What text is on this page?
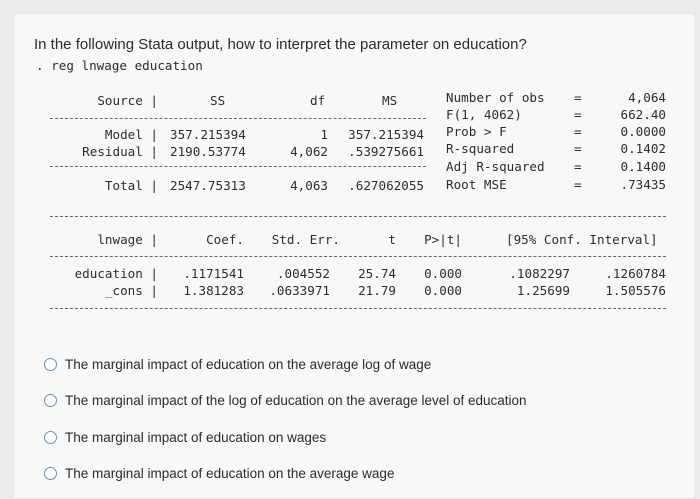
In the following Stata output, how to interpret the parameter on education?
. reg lnwage education
Source |	SS	df	MS
Model | 357.215394	1	357.215394
Residual | 2190.53774	4,062	.539275661
Total | 2547.75313	4,063	.627062055
Number of obs =	4,064
F(1, 4062)	=	662.40
Prob > F	=	0.0000
R-squared	=	0.1402
Adj R-squared =	0.1400
Root MSE	=	.73435
lnwage |	Coef.	Std. Err.	t	P>|t|	[95% Conf. Interval]
education |	.1171541	.004552	25.74	0.000	.1082297	.1260784
_cons |	1.381283	.0633971	21.79	0.000	1.25699	1.505576
The marginal impact of education on the average log of wage
The marginal impact of the log of education on the average level of education
The marginal impact of education on wages
The marginal impact of education on the average wage
